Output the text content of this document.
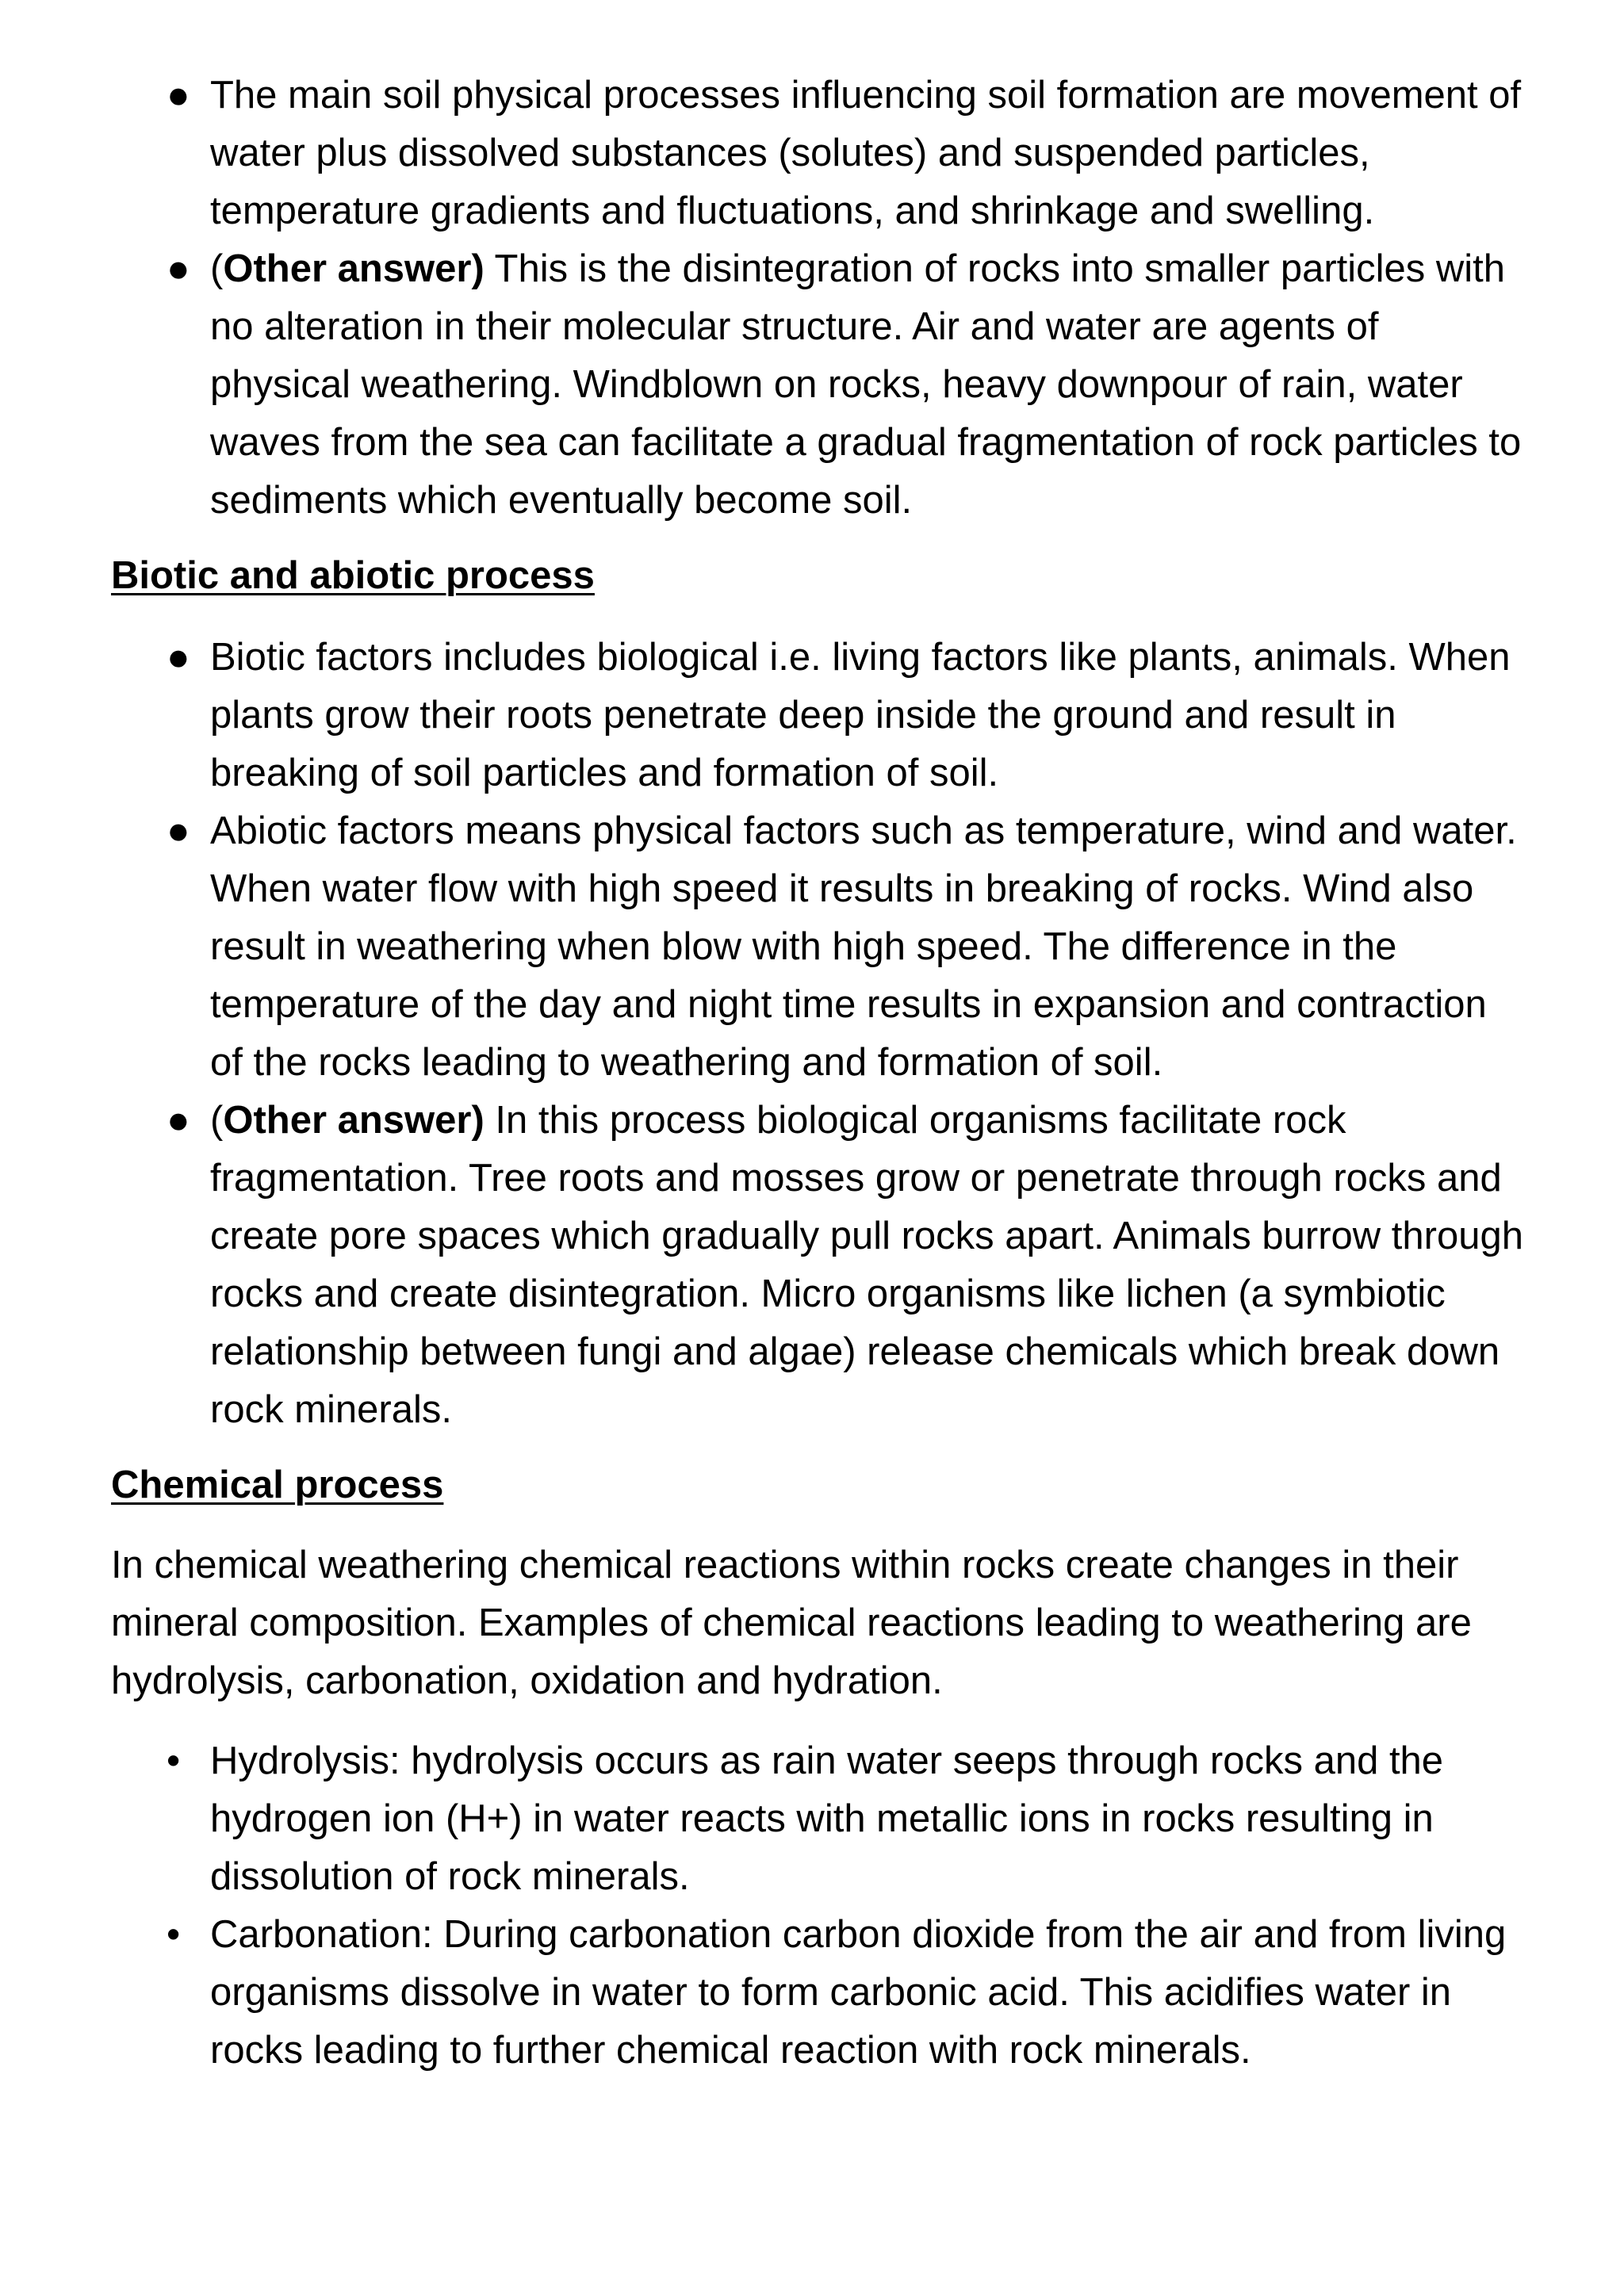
● The main soil physical processes influencing soil formation are movement of water plus dissolved substances (solutes) and suspended particles, temperature gradients and fluctuations, and shrinkage and swelling.
● (Other answer) This is the disintegration of rocks into smaller particles with no alteration in their molecular structure. Air and water are agents of physical weathering. Windblown on rocks, heavy downpour of rain, water waves from the sea can facilitate a gradual fragmentation of rock particles to sediments which eventually become soil.

Biotic and abiotic process

● Biotic factors includes biological i.e. living factors like plants, animals. When plants grow their roots penetrate deep inside the ground and result in breaking of soil particles and formation of soil.
● Abiotic factors means physical factors such as temperature, wind and water. When water flow with high speed it results in breaking of rocks. Wind also result in weathering when blow with high speed. The difference in the temperature of the day and night time results in expansion and contraction of the rocks leading to weathering and formation of soil.
● (Other answer) In this process biological organisms facilitate rock fragmentation. Tree roots and mosses grow or penetrate through rocks and create pore spaces which gradually pull rocks apart. Animals burrow through rocks and create disintegration. Micro organisms like lichen (a symbiotic relationship between fungi and algae) release chemicals which break down rock minerals.

Chemical process

In chemical weathering chemical reactions within rocks create changes in their mineral composition. Examples of chemical reactions leading to weathering are hydrolysis, carbonation, oxidation and hydration.

• Hydrolysis: hydrolysis occurs as rain water seeps through rocks and the hydrogen ion (H+) in water reacts with metallic ions in rocks resulting in dissolution of rock minerals.
• Carbonation: During carbonation carbon dioxide from the air and from living organisms dissolve in water to form carbonic acid. This acidifies water in rocks leading to further chemical reaction with rock minerals.
